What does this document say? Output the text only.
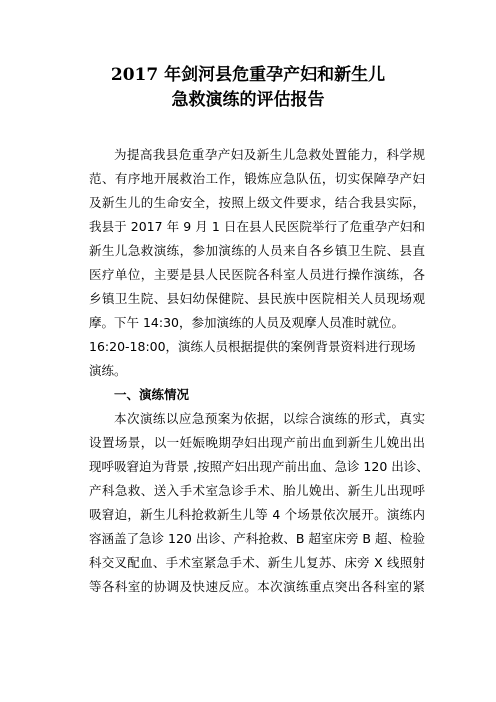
2017 年剑河县危重孕产妇和新生儿
急救演练的评估报告
为提高我县危重孕产妇及新生儿急救处置能力，科学规
范、有序地开展救治工作，锻炼应急队伍，切实保障孕产妇
及新生儿的生命安全，按照上级文件要求，结合我县实际，
我县于 2017 年 9 月 1 日在县人民医院举行了危重孕产妇和
新生儿急救演练，参加演练的人员来自各乡镇卫生院、县直
医疗单位，主要是县人民医院各科室人员进行操作演练，各
乡镇卫生院、县妇幼保健院、县民族中医院相关人员现场观
摩。下午 14:30，参加演练的人员及观摩人员准时就位。
16:20-18:00，演练人员根据提供的案例背景资料进行现场
演练。
一、演练情况
本次演练以应急预案为依据，以综合演练的形式，真实
设置场景，以一妊娠晚期孕妇出现产前出血到新生儿娩出出
现呼吸窘迫为背景 ,按照产妇出现产前出血、急诊 120 出诊、
产科急救、送入手术室急诊手术、胎儿娩出、新生儿出现呼
吸窘迫，新生儿科抢救新生儿等 4 个场景依次展开。演练内
容涵盖了急诊 120 出诊、产科抢救、B 超室床旁 B 超、检验
科交叉配血、手术室紧急手术、新生儿复苏、床旁 X 线照射
等各科室的协调及快速反应。本次演练重点突出各科室的紧
